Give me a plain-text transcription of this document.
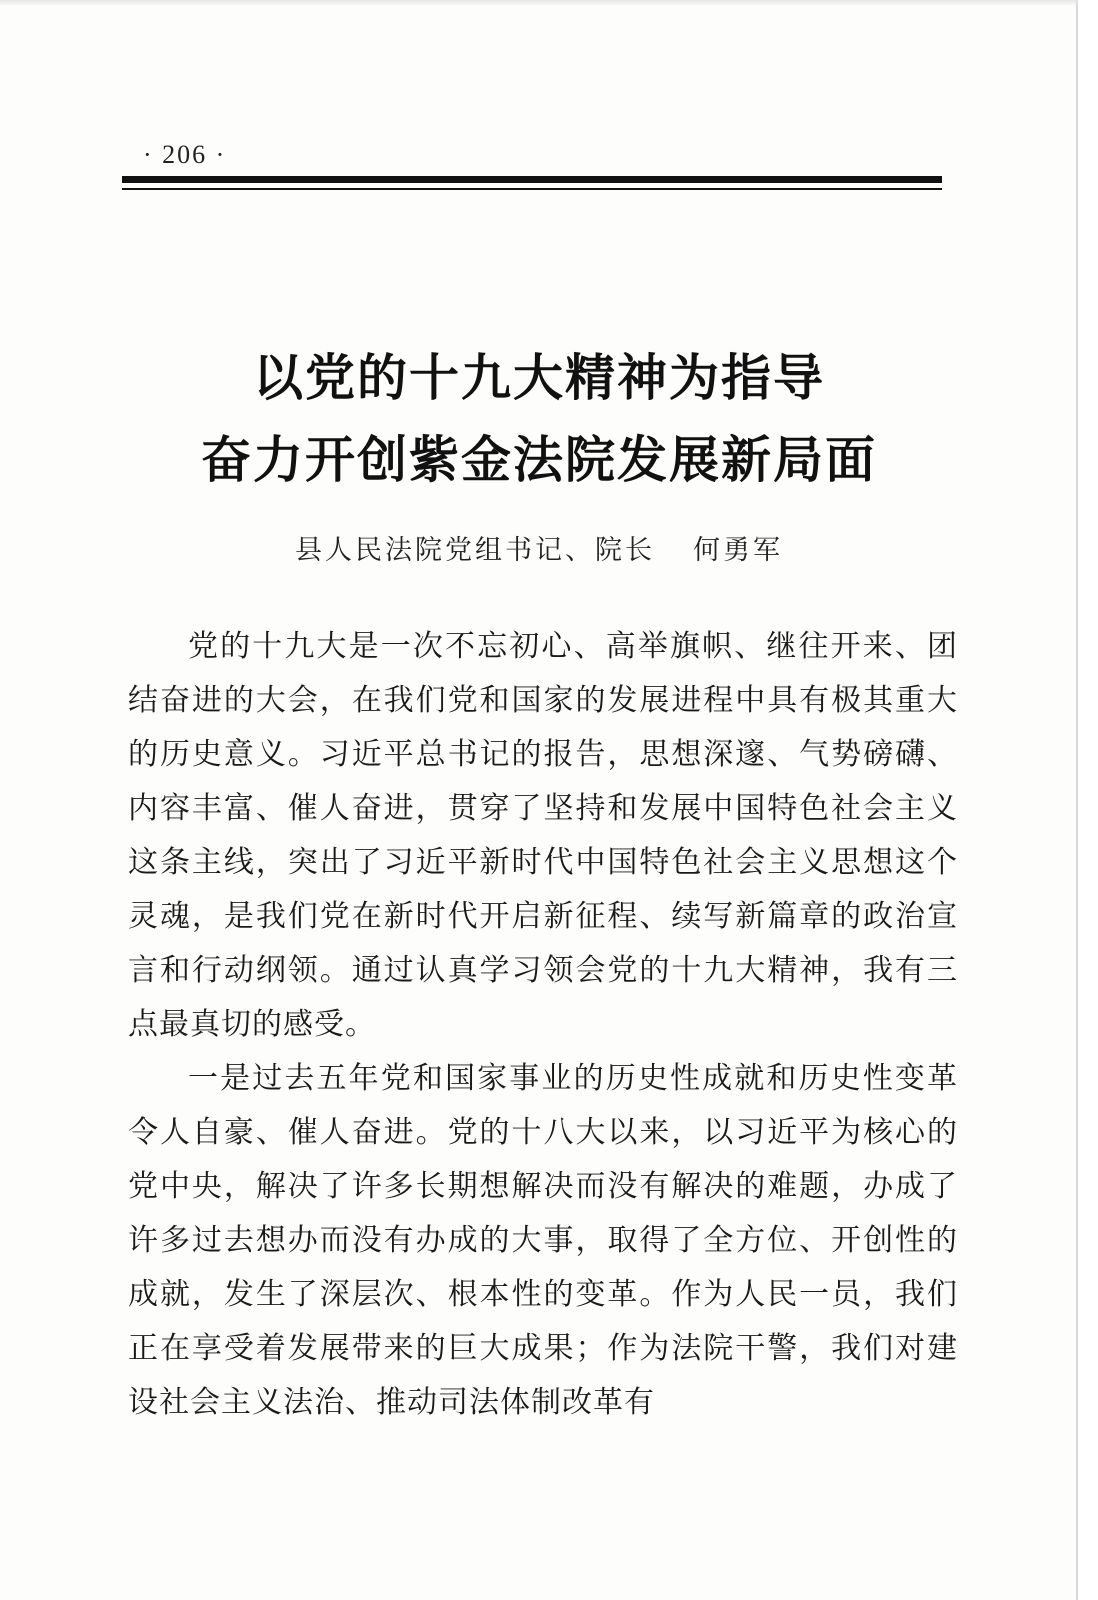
· 206 ·
以党的十九大精神为指导
奋力开创紫金法院发展新局面
县人民法院党组书记、院长 何勇军

党的十九大是一次不忘初心、高举旗帜、继往开来、团结奋进的大会，在我们党和国家的发展进程中具有极其重大的历史意义。习近平总书记的报告，思想深邃、气势磅礴、内容丰富、催人奋进，贯穿了坚持和发展中国特色社会主义这条主线，突出了习近平新时代中国特色社会主义思想这个灵魂，是我们党在新时代开启新征程、续写新篇章的政治宣言和行动纲领。通过认真学习领会党的十九大精神，我有三点最真切的感受。

一是过去五年党和国家事业的历史性成就和历史性变革令人自豪、催人奋进。党的十八大以来，以习近平为核心的党中央，解决了许多长期想解决而没有解决的难题，办成了许多过去想办而没有办成的大事，取得了全方位、开创性的成就，发生了深层次、根本性的变革。作为人民一员，我们正在享受着发展带来的巨大成果；作为法院干警，我们对建设社会主义法治、推动司法体制改革有
